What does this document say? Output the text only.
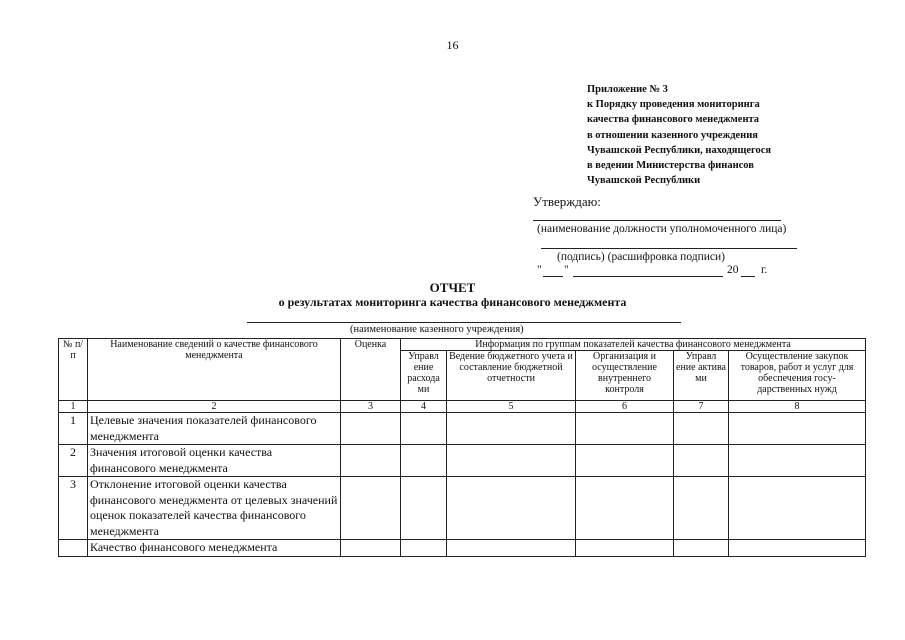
16
Приложение № 3
к Порядку проведения мониторинга
качества финансового менеджмента
в отношении казенного учреждения
Чувашской Республики, находящегося
в ведении Министерства финансов
Чувашской Республики
Утверждаю:
(наименование должности уполномоченного лица)
(подпись) (расшифровка подписи)
" "	20 г.
ОТЧЕТ
о результатах мониторинга качества финансового менеджмента
(наименование казенного учреждения)
№ п/п	Наименование сведений о качестве финансового менеджмента	Оценка	Информация по группам показателей качества финансового менеджмента				
			Управл ение расхода ми	Ведение бюджетного учета и составление бюджетной отчетности	Организация и осуществление внутреннего контроля	Управл ение актива ми	Осуществление закупок товаров, работ и услуг для обеспечения госу- дарственных нужд
1	2	3	4	5	6	7	8
1	Целевые значения показателей финансового менеджмента						
2	Значения итоговой оценки качества финансового менеджмента						
3	Отклонение итоговой оценки качества финансового менеджмента от целевых значений оценок показателей качества финансового менеджмента						
	Качество финансового менеджмента						
